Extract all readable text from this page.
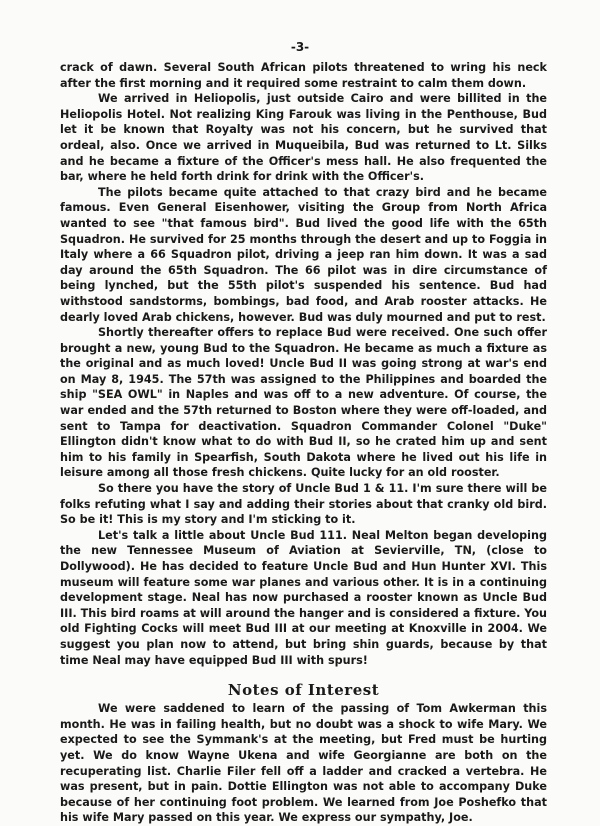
-3-

crack of dawn. Several South African pilots threatened to wring his neck after the first morning and it required some restraint to calm them down.

We arrived in Heliopolis, just outside Cairo and were billited in the Heliopolis Hotel. Not realizing King Farouk was living in the Penthouse, Bud let it be known that Royalty was not his concern, but he survived that ordeal, also. Once we arrived in Muqueibila, Bud was returned to Lt. Silks and he became a fixture of the Officer's mess hall. He also frequented the bar, where he held forth drink for drink with the Officer's.

The pilots became quite attached to that crazy bird and he became famous. Even General Eisenhower, visiting the Group from North Africa wanted to see "that famous bird". Bud lived the good life with the 65th Squadron. He survived for 25 months through the desert and up to Foggia in Italy where a 66 Squadron pilot, driving a jeep ran him down. It was a sad day around the 65th Squadron. The 66 pilot was in dire circumstance of being lynched, but the 55th pilot's suspended his sentence. Bud had withstood sandstorms, bombings, bad food, and Arab rooster attacks. He dearly loved Arab chickens, however. Bud was duly mourned and put to rest.

Shortly thereafter offers to replace Bud were received. One such offer brought a new, young Bud to the Squadron. He became as much a fixture as the original and as much loved! Uncle Bud II was going strong at war's end on May 8, 1945. The 57th was assigned to the Philippines and boarded the ship "SEA OWL" in Naples and was off to a new adventure. Of course, the war ended and the 57th returned to Boston where they were off-loaded, and sent to Tampa for deactivation. Squadron Commander Colonel "Duke" Ellington didn't know what to do with Bud II, so he crated him up and sent him to his family in Spearfish, South Dakota where he lived out his life in leisure among all those fresh chickens. Quite lucky for an old rooster.

So there you have the story of Uncle Bud 1 & 11. I'm sure there will be folks refuting what I say and adding their stories about that cranky old bird. So be it! This is my story and I'm sticking to it.

Let's talk a little about Uncle Bud 111. Neal Melton began developing the new Tennessee Museum of Aviation at Sevierville, TN, (close to Dollywood). He has decided to feature Uncle Bud and Hun Hunter XVI. This museum will feature some war planes and various other. It is in a continuing development stage. Neal has now purchased a rooster known as Uncle Bud III. This bird roams at will around the hanger and is considered a fixture. You old Fighting Cocks will meet Bud III at our meeting at Knoxville in 2004. We suggest you plan now to attend, but bring shin guards, because by that time Neal may have equipped Bud III with spurs!

Notes of Interest

We were saddened to learn of the passing of Tom Awkerman this month. He was in failing health, but no doubt was a shock to wife Mary. We expected to see the Symmank's at the meeting, but Fred must be hurting yet. We do know Wayne Ukena and wife Georgianne are both on the recuperating list. Charlie Filer fell off a ladder and cracked a vertebra. He was present, but in pain. Dottie Ellington was not able to accompany Duke because of her continuing foot problem. We learned from Joe Poshefko that his wife Mary passed on this year. We express our sympathy, Joe.
